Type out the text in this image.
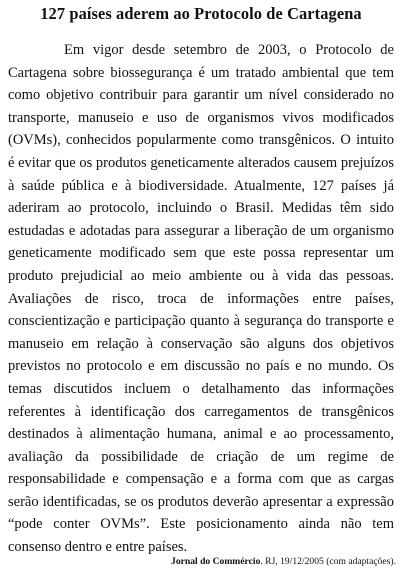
127 países aderem ao Protocolo de Cartagena

Em vigor desde setembro de 2003, o Protocolo de Cartagena sobre biossegurança é um tratado ambiental que tem como objetivo contribuir para garantir um nível considerado no transporte, manuseio e uso de organismos vivos modificados (OVMs), conhecidos popularmente como transgênicos. O intuito é evitar que os produtos geneticamente alterados causem prejuízos à saúde pública e à biodiversidade. Atualmente, 127 países já aderiram ao protocolo, incluindo o Brasil. Medidas têm sido estudadas e adotadas para assegurar a liberação de um organismo geneticamente modificado sem que este possa representar um produto prejudicial ao meio ambiente ou à vida das pessoas. Avaliações de risco, troca de informações entre países, conscientização e participação quanto à segurança do transporte e manuseio em relação à conservação são alguns dos objetivos previstos no protocolo e em discussão no país e no mundo. Os temas discutidos incluem o detalhamento das informações referentes à identificação dos carregamentos de transgênicos destinados à alimentação humana, animal e ao processamento, avaliação da possibilidade de criação de um regime de responsabilidade e compensação e a forma com que as cargas serão identificadas, se os produtos deverão apresentar a expressão “pode conter OVMs”. Este posicionamento ainda não tem consenso dentro e entre países.

Jornal do Commércio. RJ, 19/12/2005 (com adaptações).
